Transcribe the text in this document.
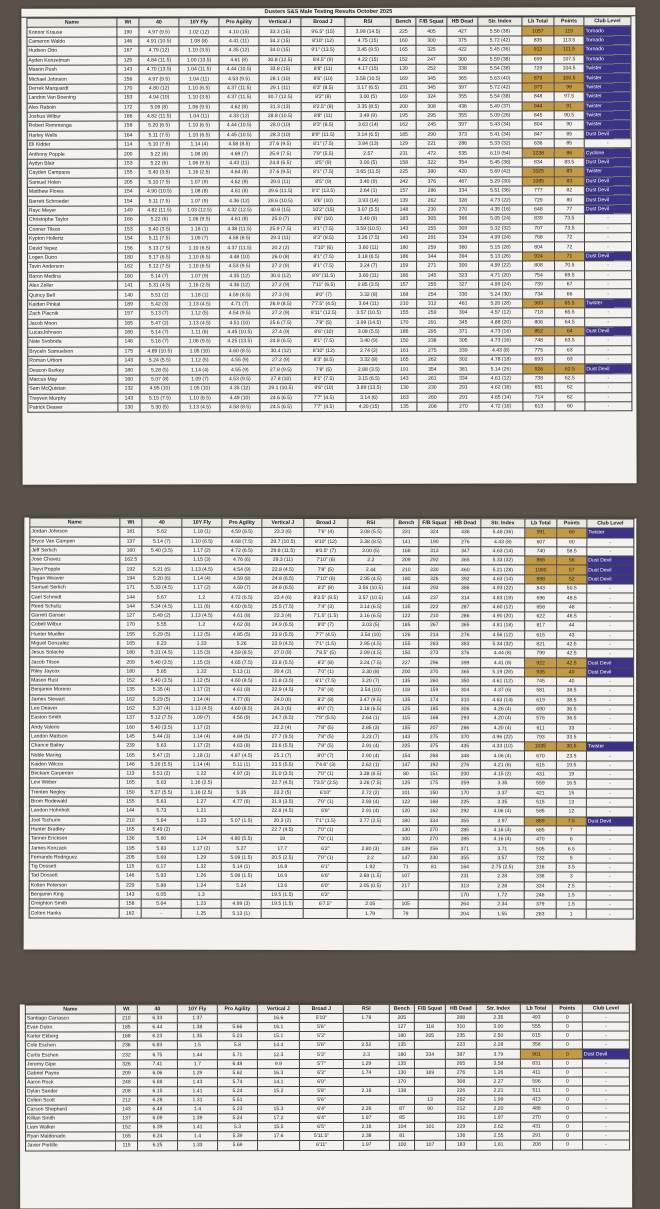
Dusters S&S Male Testing Results October 2025
Name	Wt	40	10Y Fly	Pro Agility	Vertical J	Broad J	RSI	Bench	F/B Squat	HB Dead	Str. Index	Lb Total	Points	Club Level
Konnor Krause	190	4.97 (9.5)	1.02 (12)	4.10 (15)	33.3 (15)	9'6.5" (15)	3.99 (14.5)	225	405	427	5.56 (38)	1057	119	Tornado
Cameron Waldo	146	4.91 (10.5)	1.08 (8)	4.41 (11)	34.2 (15)	8'10" (12)	4.75 (15)	160	300	375	5.72 (42)	835	113.5	Tornado
Hudson Otto	167	4.79 (12)	1.10 (3.5)	4.35 (12)	34.0 (15)	9'1" (13.5)	3.45 (9.5)	165	325	422	5.45 (36)	912	111.5	Tornado
Ayden Konzelman	125	4.84 (11.5)	1.00 (13.5)	4.61 (8)	30.8 (12.5)	8'4.5" (9)	4.22 (15)	152	247	300	5.59 (38)	699	107.5	Tornado
Mason Push	143	4.70 (13.5)	1.04 (11.5)	4.44 (10.5)	33.8 (15)	8'8" (11)	4.17 (15)	139	252	338	5.54 (38)	729	104.5	Twister
Michael Johnson	156	4.97 (9.5)	1.04 (11)	4.53 (9.5)	28.1 (10)	8'6" (10)	3.58 (10.5)	169	345	365	5.63 (40)	879	100.5	Twister
Derrek Marquardt	170	4.80 (12)	1.10 (6.5)	4.37 (11.5)	29.1 (11)	8'3" (8.5)	3.17 (6.5)	231	345	397	5.72 (42)	973	98	Twister
Landon Van Boening	153	4.94 (10)	1.10 (3.5)	4.37 (11.5)	30.7 (12.5)	8'2" (8)	3.00 (5)	169	324	355	5.54 (38)	848	97.5	Twister
Alex Raboin	172	5.09 (8)	1.06 (9.5)	4.62 (8)	31.3 (13)	8'2.5" (8)	3.35 (8.5)	200	308	436	5.49 (37)	944	91	Twister
Joshua Wilbur	166	4.82 (11.5)	1.04 (11)	4.33 (12)	28.8 (10.5)	8'8" (11)	3.49 (9)	195	295	355	5.09 (26)	845	90.5	Twister
Robert Remmenga	158	5.20 (6.5)	1.10 (6.5)	4.44 (10.5)	28.0 (10)	8'3" (8.5)	3.63 (14)	162	245	397	5.43 (34)	804	90	Twister
Harley Wells	164	5.11 (7.5)	1.10 (6.5)	4.45 (10.5)	28.3 (10)	8'9" (11.5)	3.14 (6.5)	185	290	373	5.41 (34)	847	85	Dust Devil
Eli Kidder	114	5.10 (7.5)	1.14 (4)	4.58 (8.5)	27.6 (9.5)	8'1" (7.5)	3.84 (13)	129	221	286	5.33 (32)	636	85	-
Anthony Popple	200	5.22 (6)	1.08 (8)	4.69 (7)	25.9 (7.5)	7'9" (5.5)	2.57	231	472	535	6.19 (54)	1238	86	Cyclone
Aydyn Blair	153	5.22 (6)	1.06 (9.5)	4.43 (11)	24.8 (6.5)	8'5" (9)	3.00 (5)	158	322	354	5.45 (36)	834	83.5	Dust Devil
Cayden Campana	155	5.40 (3.5)	1.16 (2.5)	4.64 (8)	27.6 (9.5)	8'1" (7.5)	3.65 (11.5)	225	380	420	5.69 (42)	1025	83	Twister
Samuel Holen	205	5.10 (7.5)	1.07 (9)	4.62 (8)	29.0 (11)	8'5" (9)	3.40 (9)	242	376	467	5.29 (30)	1085	83	Dust Devil
Matthew Flores	154	4.90 (10.5)	1.08 (8)	4.61 (8)	29.6 (11.5)	9'1" (13.5)	2.64 (1)	157	286	334	5.51 (36)	777	82	Dust Devil
Barrett Schroeder	154	5.11 (7.5)	1.07 (9)	4.36 (12)	28.6 (10.5)	8'6" (10)	3.93 (14)	139	262	328	4.73 (22)	729	80	Dust Devil
Rayc Meyer	149	4.82 (11.5)	1.03 (12.5)	4.32 (12.5)	40.8 (15)	10'2" (15)	3.07 (5.5)	148	230	270	4.35 (16)	648	77	Dust Devil
Christophe Taylor	166	5.22 (6)	1.06 (9.5)	4.61 (8)	25.0 (7)	8'6" (10)	3.40 (9)	183	305	366	5.05 (24)	839	73.5	-
Conner Tilson	153	5.40 (3.5)	1.18 (1)	4.38 (11.5)	25.9 (7.5)	8'1" (7.5)	3.59 (10.5)	143	255	309	5.32 (32)	707	73.5	-
Kypton Hollertz	154	5.11 (7.5)	1.09 (7)	4.58 (8.5)	29.3 (11)	8'3" (8.5)	3.26 (7.5)	143	291	334	4.99 (24)	768	72	-
David Yepez	156	5.13 (7.5)	1.10 (6.5)	4.37 (11.5)	20.2 (2)	7'10" (6)	3.60 (11)	180	259	360	5.15 (28)	804	72	-
Logen Dutro	180	5.17 (6.5)	1.10 (6.5)	4.48 (10)	26.0 (8)	8'1" (7.5)	3.18 (6.5)	186	344	394	5.13 (26)	924	71	Dust Devil
Tavin Anderson	162	5.12 (7.5)	1.10 (6.5)	4.53 (9.5)	27.2 (9)	8'1" (7.5)	3.24 (7)	159	271	300	4.99 (22)	808	70.5	-
Baron Medina	160	5.14 (7)	1.07 (9)	4.35 (12)	30.0 (12)	8'9" (11.5)	3.60 (11)	186	245	323	4.71 (20)	754	69.5	-
Alex Zeller	141	5.31 (4.5)	1.16 (2.5)	4.36 (12)	27.2 (9)	7'11" (6.5)	2.85 (3.5)	157	255	327	4.99 (24)	739	67	-
Quincy Bell	140	5.51 (2)	1.18 (1)	4.59 (8.5)	27.3 (9)	8'0" (7)	3.32 (8)	168	254	330	5.24 (30)	734	66	-
Kaiden Pinkal	189	5.42 (3)	1.13 (4.5)	4.71 (7)	26.9 (8.5)	7'7.5" (4.5)	3.64 (11)	210	312	461	5.20 (28)	983	65.5	Twister
Zach Placnik	157	5.13 (7)	1.12 (5)	4.54 (9.5)	27.2 (9)	8'11" (12.5)	3.57 (10.5)	155	259	304	4.57 (12)	718	65.5	-
Jacob Moon	165	5.47 (2)	1.13 (4.5)	4.51 (10)	25.6 (7.5)	7'8" (5)	3.99 (14.5)	170	291	345	4.88 (20)	806	64.5	-
LucasJohnson	180	5.14 (7)	1.11 (6)	4.45 (10.5)	27.4 (9)	8'6" (10)	3.08 (5.5)	186	295	371	4.73 (16)	852	64	Dust Devil
Nate Svoboda	146	5.16 (7)	1.06 (9.5)	4.25 (13.5)	24.8 (6.5)	8'1" (7.5)	3.40 (9)	150	238	305	4.73 (16)	748	63.5	-
Bryceln Samuelson	175	4.89 (10.5)	1.05 (10)	4.60 (8.5)	30.4 (12)	8'10" (12)	2.74 (2)	161	275	339	4.43 (8)	775	63	-
Roman Urbom	143	5.24 (5.5)	1.12 (5)	4.55 (9)	27.2 (9)	8'3" (8.5)	3.32 (8)	165	262	302	4.78 (18)	693	63	-
Deacon Burkey	180	5.28 (5)	1.14 (4)	4.55 (9)	27.8 (9.5)	7'8" (5)	2.88 (3.5)	191	354	381	5.14 (26)	926	62.5	Dust Devil
Marcus May	160	5.07 (8)	1.09 (7)	4.53 (9.5)	27.8 (10)	8'1" (7.5)	3.15 (6.5)	143	261	334	4.61 (12)	738	62.5	-
Sam McQuistan	132	4.95 (10)	1.05 (10)	4.35 (12)	29.1 (10.5)	8'6" (10)	3.89 (13.5)	130	230	291	4.62 (16)	651	62	-
Treyven Murphy	143	5.15 (7.5)	1.10 (6.5)	4.49 (10)	24.6 (6.5)	7'7" (4.5)	3.14 (6)	163	260	291	4.65 (14)	714	62	-
Patrick Deaver	130	5.30 (5)	1.13 (4.5)	4.58 (8.5)	24.5 (6.5)	7'7" (4.5)	4.20 (15)	135	208	270	4.72 (16)	613	60	-
Name	Wt	40	10Y Fly	Pro Agility	Vertical J	Broad J	RSI	Bench	F/B Squat	HB Dead	Str. Index	Lb Total	Points	Club Level
Jordan Johnson	181	5.62	1.18 (1)	4.59 (8.5)	23.3 (6)	7'6" (4)	3.08 (5.5)	231	324	436	5.48 (36)	991	60	Twister
Bryce Van Campen	137	5.14 (7)	1.10 (6.5)	4.68 (7.5)	28.7 (10.5)	8'10" (12)	3.38 (8.5)	141	190	276	4.43 (8)	607	60	-
Jeff Sertich	160	5.40 (3.5)	1.17 (2)	4.72 (6.5)	29.8 (11.5)	8'0.5" (7)	3.00 (5)	168	313	347	4.63 (14)	740	58.5	-
Jose Chavez	162.5		1.15 (3)	4.76 (6)	29.3 (11)	7'10" (6)	2.2	209	292	365	5.33 (32)	866	56	Dust Devil
Jayvi Popple	192	5.21 (6)	1.13 (4.5)	4.54 (9)	22.8 (4.5)	7'8" (5)	2.44	210	330	460	5.21 (28)	1000	57	Dust Devil
Tegan Weaver	194	5.20 (6)	1.14 (4)	4.59 (8)	24.8 (6.5)	7'10" (6)	2.95 (4.5)	180	326	392	4.63 (14)	898	52	Dust Devil
Samuel Sertich	171	5.33 (4.5)	1.17 (2)	4.69 (7)	24.8 (6.5)	8'2" (8)	3.56 (10.5)	164	293	386	4.93 (22)	843	50.5	-
Cael Schmidt	144	5.67	1.2	4.72 (6.5)	23.4 (6)	8'3.5" (8.5)	3.57 (10.5)	145	237	314	4.83 (19)	696	48.5	-
Reed Schultz	144	5.34 (4.5)	1.11 (6)	4.60 (8.5)	25.5 (7.5)	7'4" (3)	3.14 (6.5)	135	222	287	4.60 (12)	658	48	-
Garrett Ganser	127	5.49 (2)	1.13 (4.5)	4.61 (8)	22.3 (4)	7'1.5" (1.5)	3.16 (6.5)	122	210	286	4.90 (20)	622	46.5	-
Cobell Wilbur	170	5.55	1.2	4.62 (8)	24.9 (6.5)	8'0" (7)	3.03 (5)	185	267	365	4.81 (18)	817	44	-
Hunter Mueller	155	5.29 (5)	1.12 (5)	4.85 (5)	23.9 (5.5)	7'7" (4.5)	3.54 (10)	126	214	276	4.56 (12)	615	43	-
Miguel Gonzalez	165	6.23	1.33	5.26	22.9 (4.5)	7'1" (1.5)	2.95 (4.5)	155	283	383	5.34 (32)	821	42.5	-
Jesus Solache	180	5.31 (4.5)	1.15 (3)	4.59 (8.5)	27.0 (9)	7'8.5" (5)	2.99 (4.5)	150	273	376	4.44 (8)	799	42.5	-
Jacob Tilson	209	5.40 (3.5)	1.15 (3)	4.65 (7.5)	23.8 (5.5)	8'2" (8)	3.24 (7.5)	227	296	399	4.41 (8)	922	42.5	Dust Devil
Riley Jaycox	180	5.85	1.22	5.13 (1)	20.4 (2)	7'0" (1)	3.30 (8)	200	370	365	5.19 (28)	935	40	Dust Devil
Mason Rust	152	5.40 (3.5)	1.12 (5)	4.60 (8.5)	21.8 (3.5)	6'1" (7.5)	3.20 (7)	135	260	350	4.61 (12)	745	40	-
Benjamin Moreno	135	5.35 (4)	1.17 (2)	4.61 (8)	22.9 (4.5)	7'6" (4)	3.54 (10)	118	159	304	4.37 (6)	581	38.5	-
James Stewart	162	5.29 (5)	1.14 (4)	4.77 (6)	24.0 (6)	8'2" (8)	3.47 (9.5)	135	174	310	4.63 (14)	619	38.5	-
Leo Deaver	162	5.37 (4)	1.13 (4.5)	4.60 (8.5)	24.3 (6)	8'0" (7)	3.18 (6.5)	125	185	306	4.26 (4)	690	36.5	-
Easton Smith	137	5.12 (7.5)	1.09 (7)	4.56 (9)	24.7 (6.5)	7'9" (5.5)	2.64 (1)	115	168	293	4.20 (4)	576	36.5	-
Andy Valerio	160	5.40 (3.5)	1.17 (2)		22.2 (4)	7'8" (5)	2.85 (3)	155	207	286	4.20 (4)	611	33	-
Landon Mattson	145	5.44 (3)	1.14 (4)	4.84 (5)	27.7 (9.5)	7'8" (5)	3.23 (7)	143	275	370	4.96 (22)	793	33.5	-
Chance Bailey	239	5.63	1.17 (2)	4.63 (8)	23.6 (5.5)	7'8" (5)	2.91 (4)	225	375	435	4.33 (10)	1035	30.5	Twister
Noble Maring	165	5.47 (2)	1.18 (1)	4.87 (4.5)	25.1 (7)	8'0" (7)	2.90 (4)	154	268	348	4.06 (4)	670	23.5	-
Kaiden Wilcox	146	5.26 (5.5)	1.14 (4)	5.11 (1)	23.5 (5.5)	7'4.6" (3)	2.62 (1)	147	192	276	4.21 (6)	615	19.5	-
Beckam Carpenter	113	5.51 (2)	1.22	4.97 (3)	21.0 (3.5)	7'0" (1)	3.38 (8.5)	80	151	200	4.15 (2)	431	19	-
Levi Weber	165	5.63	1.16 (2.5)		22.7 (4.5)	7'3.5" (2.5)	3.26 (7.5)	125	175	259	3.35	559	16.5	-
Trenten Negley	150	5.27 (5.5)	1.16 (2.5)	5.35	23.2 (5)	6'10"	2.72 (2)	101	150	170	3.37	421	15	-
Brom Rodewald	155	5.63	1.27	4.77 (6)	21.9 (3.5)	7'0" (1)	2.93 (4)	122	168	225	3.35	515	13	-
Landon Hohnholt	144	5.73	1.21		22.8 (4.5)	6'8"	2.91 (4)	120	162	292	4.06 (4)	585	12	-
Joel Tschurin	210	5.64	1.23	5.07 (1.5)	20.3 (2)	7'1" (1.5)	2.77 (2.5)	180	334	355	3.97	869	7.5	Dust Devil
Hunter Bradley	165	5.49 (2)			22.7 (4.5)	7'0" (1)		130	270	285	4.16 (4)	685	7	-
Tanner Erickson	136	5.60	1.24	4.80 (5.5)	18	7'0" (1)		100	270	285	4.16 (4)	470	6	-
James Konzack	195	5.83	1.17 (2)	5.27	17.7	6'2"	2.80 (3)	139	256	371	3.71	505	6.5	-
Fernando Rodriguez	205	5.69	1.29	5.09 (1.5)	20.5 (2.5)	7'0" (1)	2.2	147	230	355	3.57	732	5	-
Tig Dossett	115	6.17	1.32	5.14 (1)	16.8	6'1"	1.92	71	81	164	2.75 (2.5)	316	3.5	-
Tad Dossett	148	5.93	1.26	5.08 (1.5)	16.9	6'6"	2.69 (1.5)	107		231	2.28	338	3	-
Kolten Peterson	229	5.88	1.24	5.24	13.6	6'0"	2.05 (0.5)	217		313	2.28	324	2.5	-
Benjamin King	143	6.05	1.3		19.5 (1.5)	6'3"				170	1.72	246	1.5	-
Creighton Smith	158	5.64	1.23	4.99 (3)	19.5 (1.5)	6'7.5"	2.05	105		264	2.34	379	1.5	-
Colten Hanks	182	-	1.25	5.13 (1)			1.79	79		204	1.55	283	1	-
Name	Wt	40	10Y Fly	Pro Agility	Vertical J	Broad J	RSI	Bench	F/B Squat	HB Dead	Str. Index	Lb Total	Points	Club Level
Santiago Carrasco	210	6.33	1.37		16.6	5'10"	1.78	205		288	2.35	493	0	-
Evan Dutro	185	6.44	1.38	5.66	16.1	5'6"		127	118	310	3.00	555	0	-
Karter Ekberg	168	6.23	1.35	5.23	15.1	5'3"		180	205	235	2.50	615	0	-
Cole Eschen	236	6.83	1.5	5.8	14.4	5'6"	2.52	135		223	2.28	358	0	-
Curtis Eschen	232	6.75	1.44	5.71	12.3	5'3"	2.3	180	334	387	3.79	901	0	Dust Devil
Jeremy Gipe	326	7.41	1.7	6.48	9.9	5'7"	1.29	135		265	3.58	831	0	-
Gabriel Payne	209	6.06	1.29	5.62	16.3	6'3"	1.74	130	169	276	1.26	411	0	-
Aaron Rock	248	6.88	1.43	5.74	14.1	6'0"		170		308	2.27	596	0	-
Dylan Sander	208	6.15	1.41	5.24	15.2	5'8"	2.16	138		226	2.21	511	0	-
Colten Scott	212	6.28	1.31	5.51		5'6"			13	262	1.99	413	0	-
Carson Shepherd	143	6.48	1.4	5.23	15.3	6'4"	2.26	87	90	212	2.20	488	0	-
Killian Smith	137	6.09	1.39	5.24	17.2	6'4"	1.97	85		191	1.97	270	0	-
Liam Walker	152	6.39	1.41	5.3	15.5	6'5"	2.16	104	101	229	2.62	431	0	-
Ryan Maldonado	165	6.24	1.4	5.39	17.6	5'11.5"	2.38	81		136	2.55	291	0	-
Javier Portillo	115	6.25	1.33	5.69		6'11"	1.97	100	107	183	1.81	208	0	-
